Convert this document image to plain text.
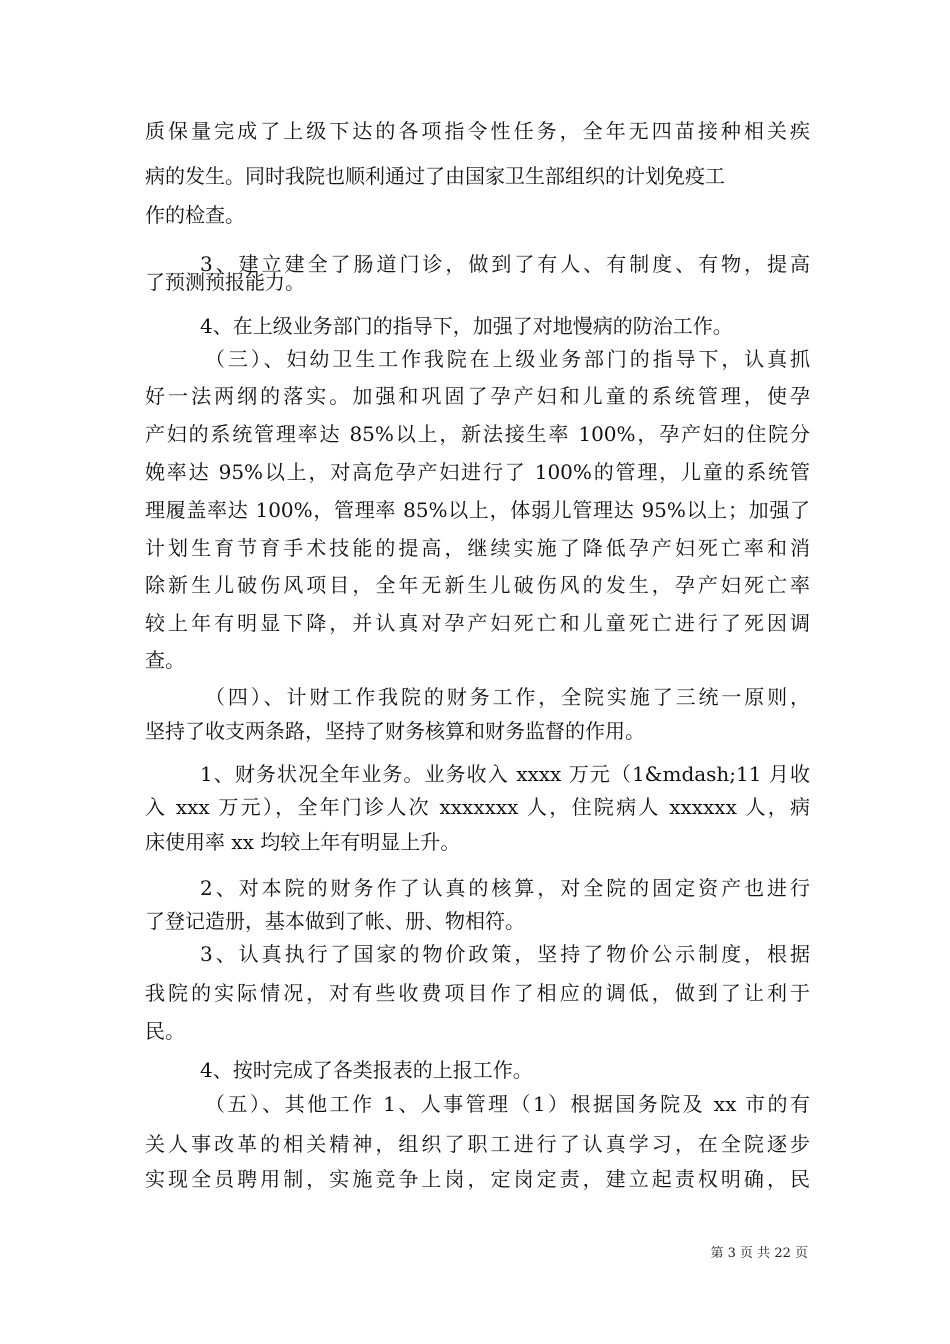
质保量完成了上级下达的各项指令性任务，全年无四苗接种相关疾
病的发生。同时我院也顺利通过了由国家卫生部组织的计划免疫工
作的检查。
3、建立建全了肠道门诊，做到了有人、有制度、有物，提高
了预测预报能力。
4、在上级业务部门的指导下，加强了对地慢病的防治工作。
（三）、妇幼卫生工作我院在上级业务部门的指导下，认真抓
好一法两纲的落实。加强和巩固了孕产妇和儿童的系统管理，使孕
产妇的系统管理率达 85%以上，新法接生率 100%，孕产妇的住院分
娩率达 95%以上，对高危孕产妇进行了 100%的管理，儿童的系统管
理履盖率达 100%，管理率 85%以上，体弱儿管理达 95%以上；加强了
计划生育节育手术技能的提高，继续实施了降低孕产妇死亡率和消
除新生儿破伤风项目，全年无新生儿破伤风的发生，孕产妇死亡率
较上年有明显下降，并认真对孕产妇死亡和儿童死亡进行了死因调
查。
（四）、计财工作我院的财务工作，全院实施了三统一原则，
坚持了收支两条路，坚持了财务核算和财务监督的作用。
1、财务状况全年业务。业务收入 xxxx 万元（1&mdash;11 月收
入 xxx 万元），全年门诊人次 xxxxxxx 人，住院病人 xxxxxx 人，病
床使用率 xx 均较上年有明显上升。
2、对本院的财务作了认真的核算，对全院的固定资产也进行
了登记造册，基本做到了帐、册、物相符。
3、认真执行了国家的物价政策，坚持了物价公示制度，根据
我院的实际情况，对有些收费项目作了相应的调低，做到了让利于
民。
4、按时完成了各类报表的上报工作。
（五）、其他工作 1、人事管理（1）根据国务院及 xx 市的有
关人事改革的相关精神，组织了职工进行了认真学习，在全院逐步
实现全员聘用制，实施竞争上岗，定岗定责，建立起责权明确，民
第 3 页 共 22 页
